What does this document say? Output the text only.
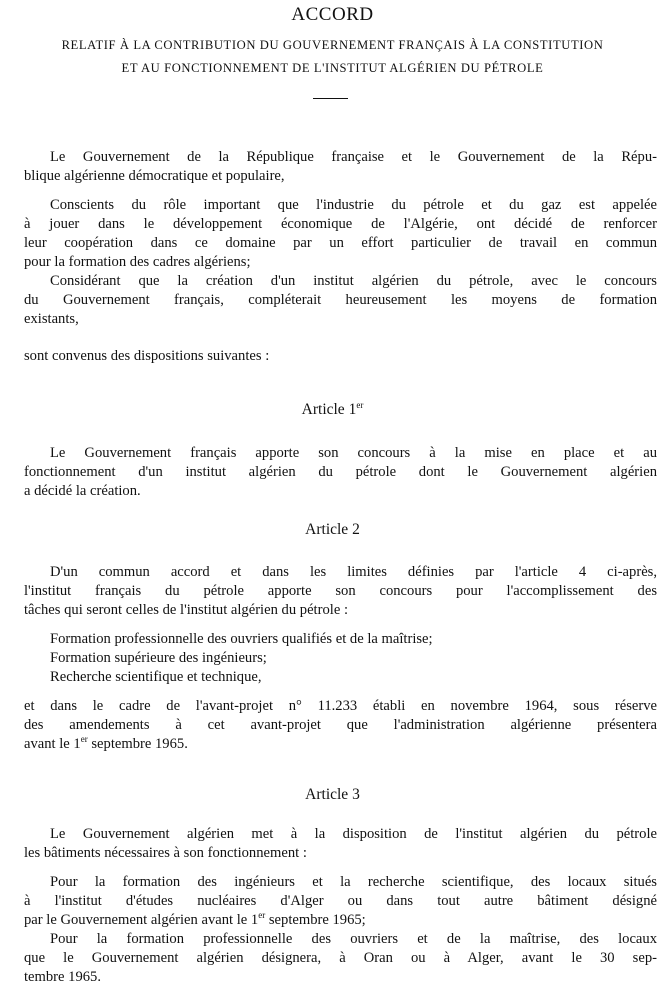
ACCORD
RELATIF À LA CONTRIBUTION DU GOUVERNEMENT FRANÇAIS À LA CONSTITUTION
ET AU FONCTIONNEMENT DE L'INSTITUT ALGÉRIEN DU PÉTROLE
Le Gouvernement de la République française et le Gouvernement de la Répu-
blique algérienne démocratique et populaire,
Conscients du rôle important que l'industrie du pétrole et du gaz est appelée
à jouer dans le développement économique de l'Algérie, ont décidé de renforcer
leur coopération dans ce domaine par un effort particulier de travail en commun
pour la formation des cadres algériens;
Considérant que la création d'un institut algérien du pétrole, avec le concours
du Gouvernement français, compléterait heureusement les moyens de formation
existants,
sont convenus des dispositions suivantes :
Article 1er
Le Gouvernement français apporte son concours à la mise en place et au
fonctionnement d'un institut algérien du pétrole dont le Gouvernement algérien
a décidé la création.
Article 2
D'un commun accord et dans les limites définies par l'article 4 ci-après,
l'institut français du pétrole apporte son concours pour l'accomplissement des
tâches qui seront celles de l'institut algérien du pétrole :
Formation professionnelle des ouvriers qualifiés et de la maîtrise;
Formation supérieure des ingénieurs;
Recherche scientifique et technique,
et dans le cadre de l'avant-projet n° 11.233 établi en novembre 1964, sous réserve
des amendements à cet avant-projet que l'administration algérienne présentera
avant le 1er septembre 1965.
Article 3
Le Gouvernement algérien met à la disposition de l'institut algérien du pétrole
les bâtiments nécessaires à son fonctionnement :
Pour la formation des ingénieurs et la recherche scientifique, des locaux situés
à l'institut d'études nucléaires d'Alger ou dans tout autre bâtiment désigné
par le Gouvernement algérien avant le 1er septembre 1965;
Pour la formation professionnelle des ouvriers et de la maîtrise, des locaux
que le Gouvernement algérien désignera, à Oran ou à Alger, avant le 30 sep-
tembre 1965.
